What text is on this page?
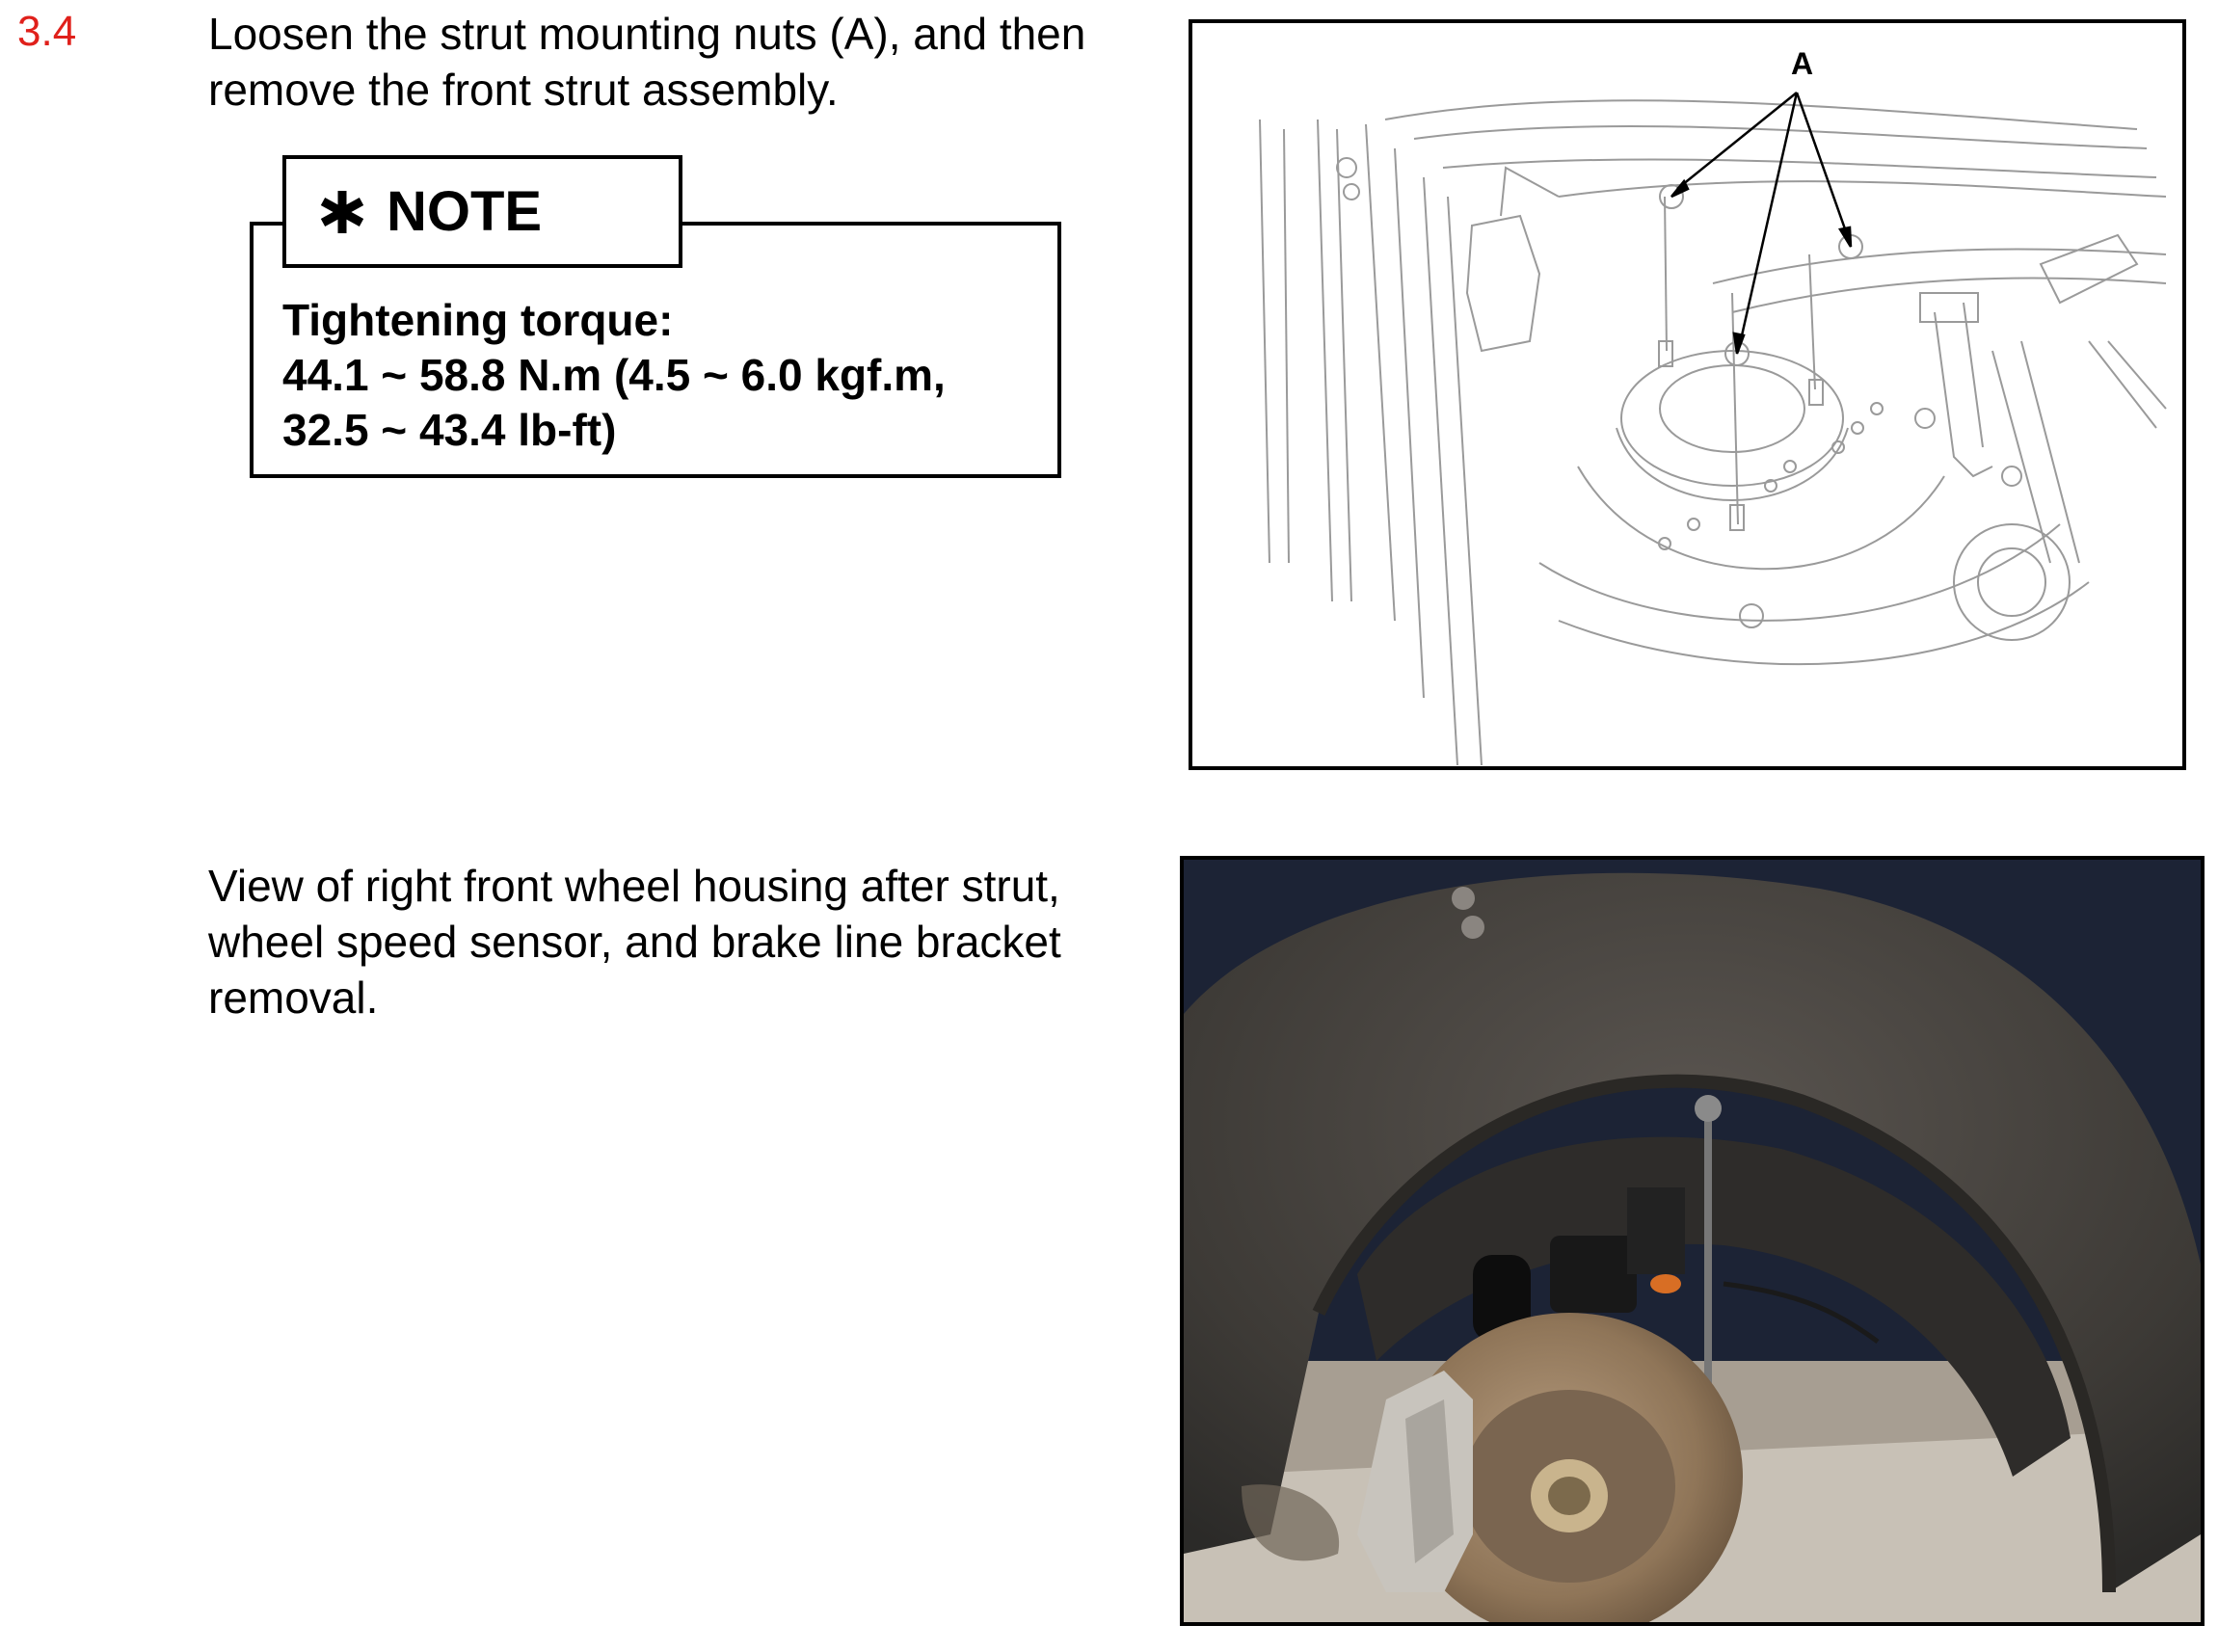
3.4	Loosen the strut mounting nuts (A), and then
remove the front strut assembly.
NOTE
Tightening torque:
44.1 ~ 58.8 N.m (4.5 ~ 6.0 kgf.m,
32.5 ~ 43.4 lb-ft)
A
View of right front wheel housing after strut,
wheel speed sensor, and brake line bracket
removal.
